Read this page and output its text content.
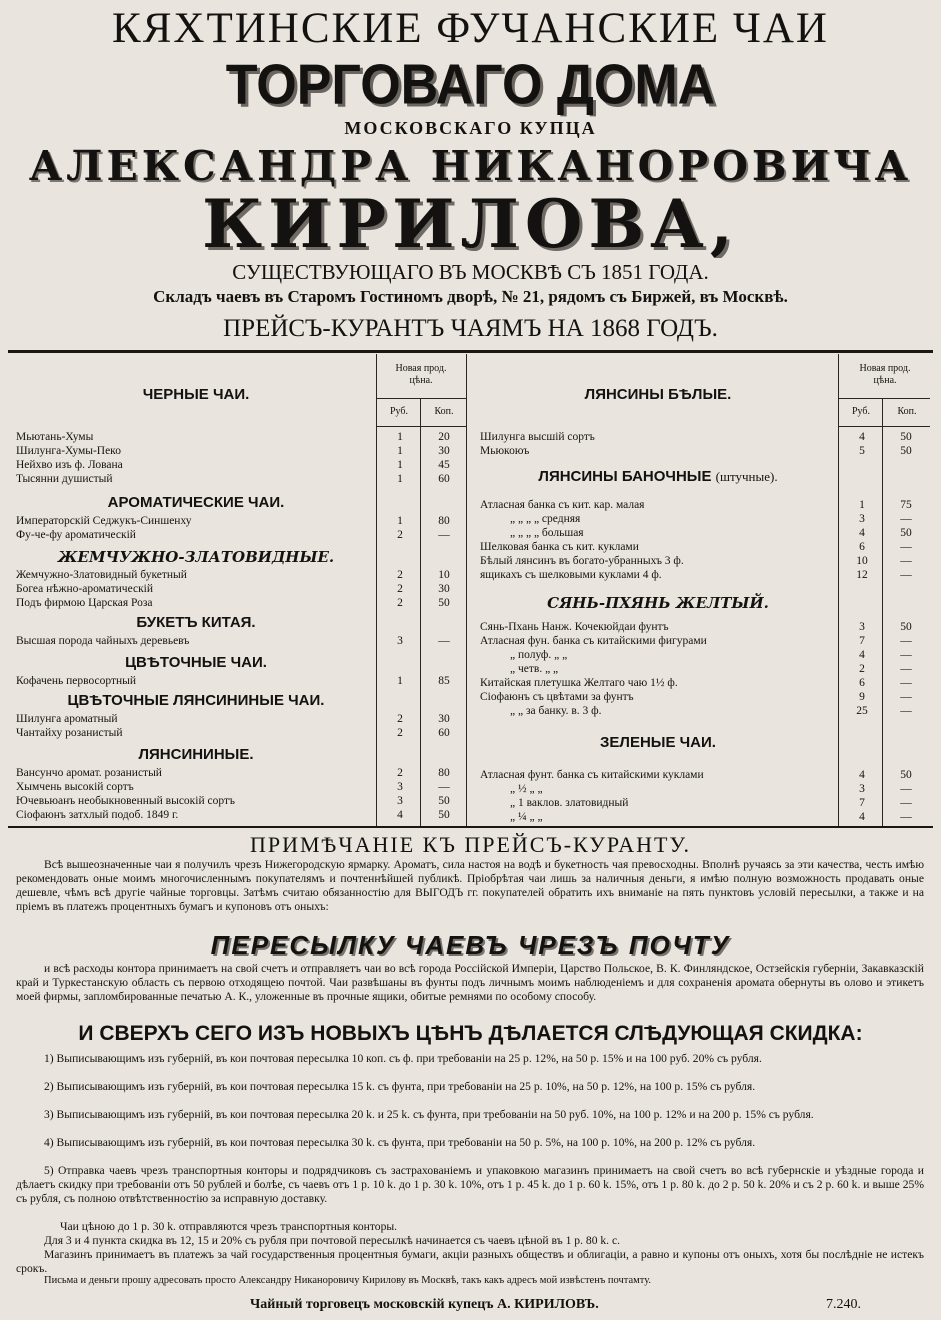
КЯХТИНСКИЕ ФУЧАНСКИЕ ЧАИ
ТОРГОВАГО ДОМА
МОСКОВСКАГО КУПЦА
АЛЕКСАНДРА НИКАНОРОВИЧА
КИРИЛОВА,
СУЩЕСТВУЮЩАГО ВЪ МОСКВѢ СЪ 1851 ГОДА.
Складъ чаевъ въ Старомъ Гостиномъ дворѣ, № 21, рядомъ съ Биржей, въ Москвѣ.
ПРЕЙСЪ-КУРАНТЪ ЧАЯМЪ НА 1868 ГОДЪ.
Новая прод.
цѣна.
Руб.	Коп.
Новая прод.
цѣна.
Руб.	Коп.
ЧЕРНЫЕ ЧАИ.
Мьютань-Хумы	1	20
Шилунга-Хумы-Пеко	1	30
Нейхво изъ ф. Лована	1	45
Тысянни душистый	1	60
АРОМАТИЧЕСКИЕ ЧАИ.
Императорскій Седжукъ-Синшенху	1	80
Фу-че-фу ароматическій	2	—
ЖЕМЧУЖНО-ЗЛАТОВИДНЫЕ.
Жемчужно-Златовидный букетный	2	10
Богеа нѣжно-ароматическій	2	30
Подъ фирмою Царская Роза	2	50
БУКЕТЪ КИТАЯ.
Высшая порода чайныхъ деревьевъ	3	—
ЦВѢТОЧНЫЕ ЧАИ.
Кофачень первосортный	1	85
ЦВѢТОЧНЫЕ ЛЯНСИНИНЫЕ ЧАИ.
Шилунга ароматный	2	30
Чантайху розанистый	2	60
ЛЯНСИНИНЫЕ.
Вансунчо аромат. розанистый	2	80
Хымчень высокій сортъ	3	—
Ючевьюанъ необыкновенный высокій сортъ	3	50
Сіофаюнъ затхлый подоб. 1849 г.	4	50
ЛЯНСИНЫ БѢЛЫЕ.
Шилунга высшій сортъ	4	50
Мьюкоюъ	5	50
ЛЯНСИНЫ БАНОЧНЫЕ (штучные).
Атласная банка съ кит. кар. малая	1	75
„ „ „ „ средняя	3	—
„ „ „ „ большая	4	50
Шелковая банка съ кит. куклами	6	—
Бѣлый лянсинъ въ богато-убранныхъ 3 ф.	10	—
ящикахъ съ шелковыми куклами 4 ф.	12	—
СЯНЬ-ПХЯНЬ ЖЕЛТЫЙ.
Сянь-Пхань Нанж. Кочекюйдаи фунтъ	3	50
Атласная фун. банка съ китайскими фигурами	7	—
„ полуф. „ „	4	—
„ четв. „ „	2	—
Китайская плетушка Желтаго чаю 1½ ф.	6	—
Сіофаюнъ съ цвѣтами за фунтъ	9	—
„ „ за банку. в. 3 ф.	25	—
ЗЕЛЕНЫЕ ЧАИ.
Атласная фунт. банка съ китайскими куклами	4	50
„ ½ „ „	3	—
„ 1 ваклов. златовидный	7	—
„ ¼ „ „	4	—
ПРИМѢЧАНІЕ КЪ ПРЕЙСЪ-КУРАНТУ.
Всѣ вышеозначенные чаи я получилъ чрезъ Нижегородскую ярмарку. Ароматъ, сила настоя на водѣ и букетность чая превосходны. Вполнѣ ручаясь за эти качества, честь имѣю рекомендовать оные моимъ многочисленнымъ покупателямъ и почтеннѣйшей публикѣ. Пріобрѣтая чаи лишь за наличныя деньги, я имѣю полную возможность продавать оные дешевле, чѣмъ всѣ другіе чайные торговцы. Затѣмъ считаю обязанностію для ВЫГОДЪ гг. покупателей обратить ихъ вниманіе на пять пунктовъ условій пересылки, а также и на пріемъ въ платежъ процентныхъ бумагъ и купоновъ отъ оныхъ:
ПЕРЕСЫЛКУ ЧАЕВЪ ЧРЕЗЪ ПОЧТУ
и всѣ расходы контора принимаетъ на свой счетъ и отправляетъ чаи во всѣ города Россійской Имперіи, Царство Польское, В. К. Финляндское, Остзейскія губерніи, Закавказскій край и Туркестанскую область съ первою отходящею почтой. Чаи развѣшаны въ фунты подъ личнымъ моимъ наблюденіемъ и для сохраненія аромата обернуты въ олово и этикетъ моей фирмы, запломбированные печатью А. К., уложенные въ прочные ящики, обитые ремнями по особому способу.
И СВЕРХЪ СЕГО ИЗЪ НОВЫХЪ ЦѢНЪ ДѢЛАЕТСЯ СЛѢДУЮЩАЯ СКИДКА:
1) Выписывающимъ изъ губерній, въ кои почтовая пересылка 10 коп. съ ф. при требованіи на 25 р. 12%, на 50 р. 15% и на 100 руб. 20% съ рубля.
2) Выписывающимъ изъ губерній, въ кои почтовая пересылка 15 k. съ фунта, при требованіи на 25 р. 10%, на 50 р. 12%, на 100 р. 15% съ рубля.
3) Выписывающимъ изъ губерній, въ кои почтовая пересылка 20 k. и 25 k. съ фунта, при требованіи на 50 руб. 10%, на 100 р. 12% и на 200 р. 15% съ рубля.
4) Выписывающимъ изъ губерній, въ кои почтовая пересылка 30 k. съ фунта, при требованіи на 50 р. 5%, на 100 р. 10%, на 200 р. 12% съ рубля.
5) Отправка чаевъ чрезъ транспортныя конторы и подрядчиковъ съ застрахованіемъ и упаковкою магазинъ принимаетъ на свой счетъ во всѣ губернскіе и уѣздные города и дѣлаетъ скидку при требованіи отъ 50 рублей и болѣе, съ чаевъ отъ 1 р. 10 k. до 1 р. 30 k. 10%, отъ 1 р. 45 k. до 1 р. 60 k. 15%, отъ 1 р. 80 k. до 2 р. 50 k. 20% и съ 2 р. 60 k. и выше 25% съ рубля, съ полною отвѣтственностію за исправную доставку.
Чаи цѣною до 1 р. 30 k. отправляются чрезъ транспортныя конторы.
Для 3 и 4 пункта скидка въ 12, 15 и 20% съ рубля при почтовой пересылкѣ начинается съ чаевъ цѣной въ 1 р. 80 k. с.
Магазинъ принимаетъ въ платежъ за чай государственныя процентныя бумаги, акціи разныхъ обществъ и облигаціи, а равно и купоны отъ оныхъ, хотя бы послѣдніе не истекъ срокъ.
Письма и деньги прошу адресовать просто Александру Никаноровичу Кирилову въ Москвѣ, такъ какъ адресъ мой извѣстенъ почтамту.
Чайный торговецъ московскій купецъ А. КИРИЛОВЪ.	7.240.
